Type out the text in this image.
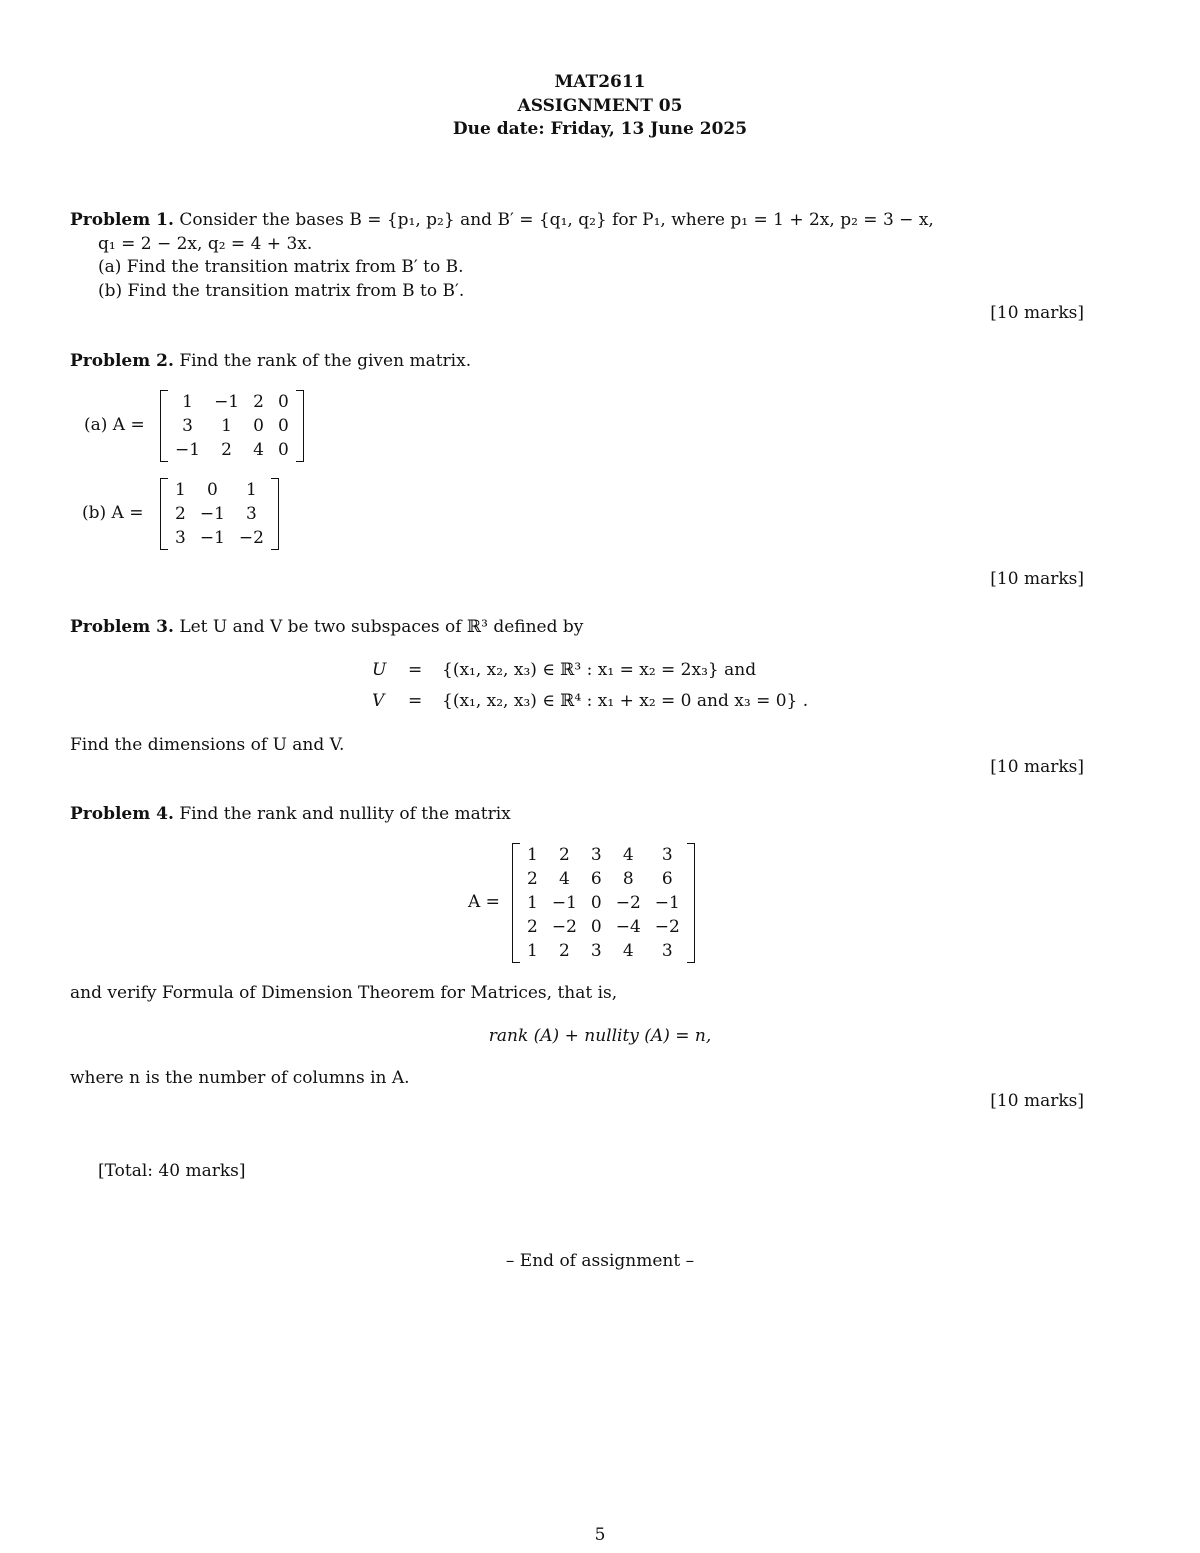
MAT2611
ASSIGNMENT 05
Due date: Friday, 13 June 2025
Problem 1. Consider the bases B = {p₁, p₂} and B′ = {q₁, q₂} for P₁, where p₁ = 1 + 2x, p₂ = 3 − x,
q₁ = 2 − 2x, q₂ = 4 + 3x.
(a) Find the transition matrix from B′ to B.
(b) Find the transition matrix from B to B′.
[10 marks]
Problem 2. Find the rank of the given matrix.
(a) A =
1	−1	2	0
3	1	0	0
−1	2	4	0
(b) A =
1	0	1
2	−1	3
3	−1	−2
[10 marks]
Problem 3. Let U and V be two subspaces of ℝ³ defined by
U = {(x₁, x₂, x₃) ∈ ℝ³ : x₁ = x₂ = 2x₃} and
V = {(x₁, x₂, x₃) ∈ ℝ⁴ : x₁ + x₂ = 0 and x₃ = 0} .
Find the dimensions of U and V.
[10 marks]
Problem 4. Find the rank and nullity of the matrix
A =
1	2	3	4	3
2	4	6	8	6
1	−1	0	−2	−1
2	−2	0	−4	−2
1	2	3	4	3
and verify Formula of Dimension Theorem for Matrices, that is,
rank (A) + nullity (A) = n,
where n is the number of columns in A.
[10 marks]
[Total: 40 marks]
– End of assignment –
5
